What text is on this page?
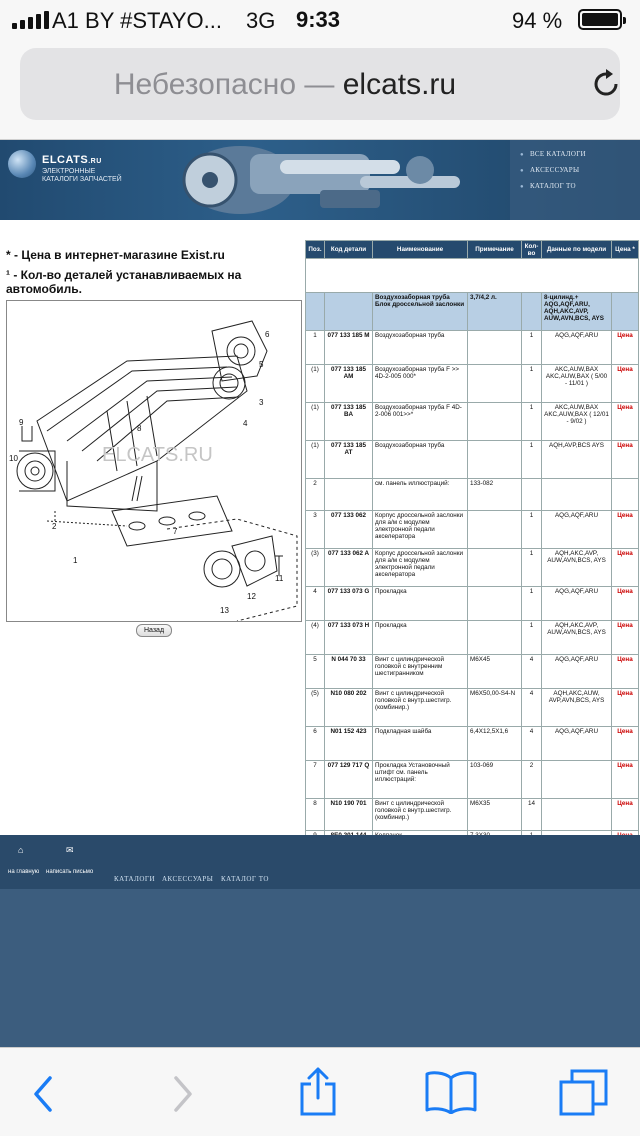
A1 BY #STAYO... 3G 9:33	94 %
Небезопасно — elcats.ru
ELCATS.RU
ЭЛЕКТРОННЫЕ КАТАЛОГИ ЗАПЧАСТЕЙ
● ВСЕ КАТАЛОГИ
● АКСЕССУАРЫ
● КАТАЛОГ ТО
* - Цена в интернет-магазине Exist.ru
¹ - Кол-во деталей устанавливаемых на автомобиль.
ELCATS.RU
1
2
3
4
5
6
7
8
9
10
11
12
13
Назад
Поз.	Код детали	Наименование	Примечание	Кол-во	Данные по модели	Цена *

		Воздухозаборная труба Блок дроссельной заслонки	3,7/4,2 л.		8-цилинд.+ AQG,AQF,ARU, AQH,AKC,AVP, AUW,AVN,BCS, AYS	
1	077 133 185 M	Воздухозаборная труба		1	AQG,AQF,ARU	Цена
(1)	077 133 185 AM	Воздухозаборная труба F >> 4D-2-005 000*		1	AKC,AUW,BAX AKC,AUW,BAX ( 5/00 - 11/01 )	Цена
(1)	077 133 185 BA	Воздухозаборная труба F 4D-2-006 001>>*		1	AKC,AUW,BAX AKC,AUW,BAX ( 12/01 - 9/02 )	Цена
(1)	077 133 185 AT	Воздухозаборная труба		1	AQH,AVP,BCS AYS	Цена
2		см. панель иллюстраций:	133-082			
3	077 133 062	Корпус дроссельной заслонки для а/м с модулем электронной педали акселератора		1	AQG,AQF,ARU	Цена
(3)	077 133 062 A	Корпус дроссельной заслонки для а/м с модулем электронной педали акселератора		1	AQH,AKC,AVP, AUW,AVN,BCS, AYS	Цена
4	077 133 073 G	Прокладка		1	AQG,AQF,ARU	Цена
(4)	077 133 073 H	Прокладка		1	AQH,AKC,AVP, AUW,AVN,BCS, AYS	Цена
5	N 044 70 33	Винт с цилиндрической головкой с внутренним шестигранником	M6X45	4	AQG,AQF,ARU	Цена
(5)	N10 080 202	Винт с цилиндрической головкой с внутр.шестигр. (комбинир.)	M6X50,00-S4-N	4	AQH,AKC,AUW, AVP,AVN,BCS, AYS	Цена
6	N01 152 423	Подкладная шайба	6,4X12,5X1,6	4	AQG,AQF,ARU	Цена
7	077 129 717 Q	Прокладка Установочный штифт см. панель иллюстраций:	103-069	2		Цена
8	N10 190 701	Винт с цилиндрической головкой с внутр.шестигр. (комбинир.)	M6X35	14		Цена

⌂
на главную
✉
написать письмо
КАТАЛОГИ АКСЕССУАРЫ КАТАЛОГ ТО
